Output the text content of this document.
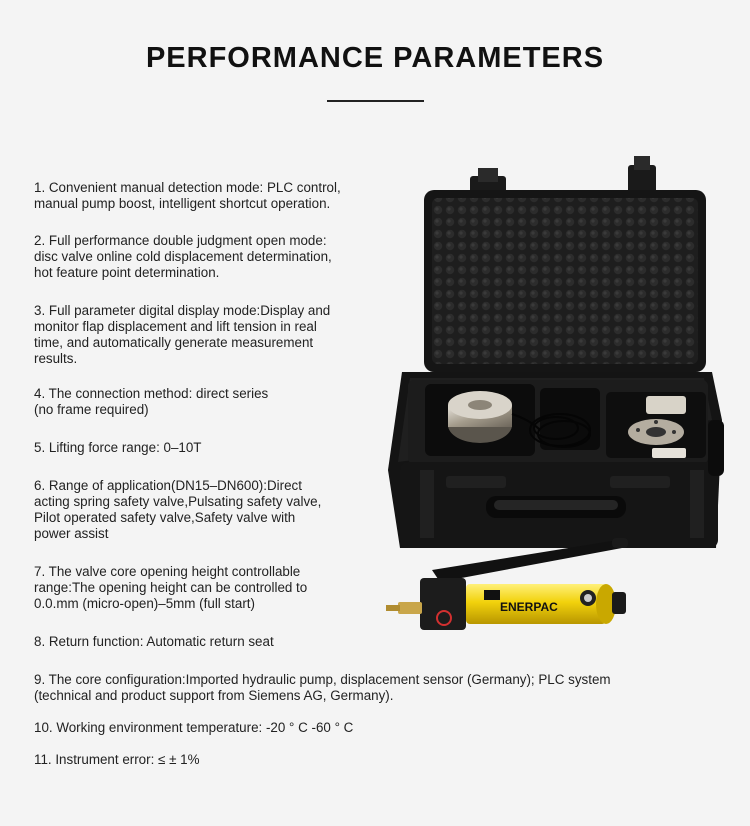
PERFORMANCE PARAMETERS
1. Convenient manual detection mode: PLC control,
manual pump boost, intelligent shortcut operation.
2. Full performance double judgment open mode:
disc valve online cold displacement determination,
hot feature point determination.
3. Full parameter digital display mode:Display and
monitor flap displacement and lift tension in real
time, and automatically generate measurement
results.
4. The connection method: direct series
(no frame required)
5. Lifting force range: 0–10T
6. Range of application(DN15–DN600):Direct
acting spring safety valve,Pulsating safety valve,
Pilot operated safety valve,Safety valve with
power assist
7. The valve core opening height controllable
range:The opening height can be controlled to
0.0.mm (micro-open)–5mm (full start)
8. Return function: Automatic return seat
9. The core configuration:Imported hydraulic pump, displacement sensor (Germany); PLC system
(technical and product support from Siemens AG, Germany).
10. Working environment temperature: -20 ° C -60 ° C
11. Instrument error: ≤ ± 1%
ENERPAC
